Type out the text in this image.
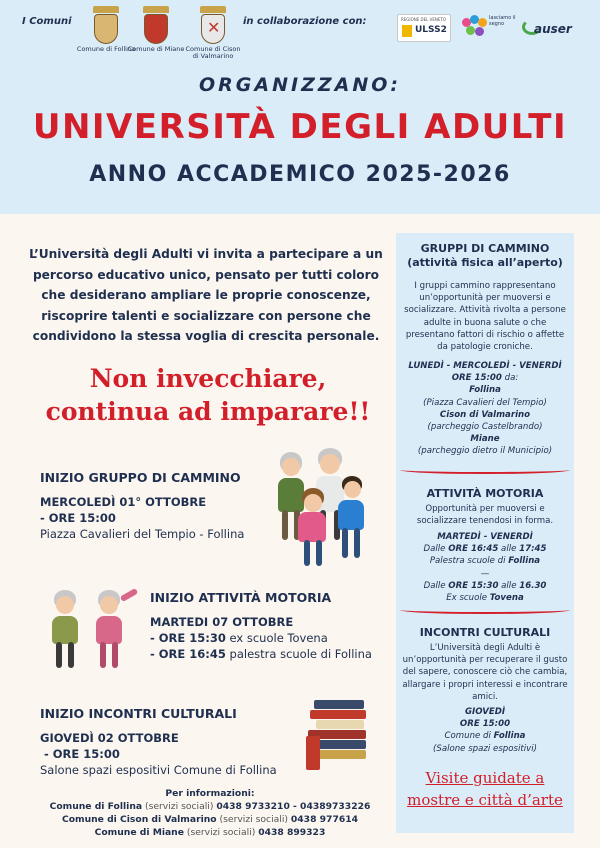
I Comuni
Comune di Follina
Comune di Miane
✕
Comune di Cison di Valmarino
in collaborazione con:	REGIONE DEL VENETO
ULSS2
lasciamo il segno	auser
ORGANIZZANO:
UNIVERSITÀ DEGLI ADULTI
ANNO ACCADEMICO 2025-2026
L’Università degli Adulti vi invita a partecipare a un percorso educativo unico, pensato per tutti coloro che desiderano ampliare le proprie conoscenze, riscoprire talenti e socializzare con persone che condividono la stessa voglia di crescita personale.
Non invecchiare,
continua ad imparare!!
INIZIO GRUPPO DI CAMMINO
MERCOLEDÌ 01° OTTOBRE
- ORE 15:00
Piazza Cavalieri del Tempio - Follina
INIZIO ATTIVITÀ MOTORIA
MARTEDI 07 OTTOBRE
- ORE 15:30 ex scuole Tovena
- ORE 16:45 palestra scuole di Follina
INIZIO INCONTRI CULTURALI
GIOVEDÌ 02 OTTOBRE
- ORE 15:00
Salone spazi espositivi Comune di Follina
GRUPPI DI CAMMINO
(attività fisica all’aperto)
I gruppi cammino rappresentano un’opportunità per muoversi e socializzare. Attività rivolta a persone adulte in buona salute o che presentano fattori di rischio o affette da patologie croniche.
LUNEDÌ - MERCOLEDÌ - VENERDÌ
ORE 15:00 da:
Follina
(Piazza Cavalieri del Tempio)
Cison di Valmarino
(parcheggio Castelbrando)
Miane
(parcheggio dietro il Municipio)
ATTIVITÀ MOTORIA
Opportunità per muoversi e socializzare tenendosi in forma.
MARTEDÌ - VENERDÌ
Dalle ORE 16:45 alle 17:45
Palestra scuole di Follina
—
Dalle ORE 15:30 alle 16.30
Ex scuole Tovena
INCONTRI CULTURALI
L’Università degli Adulti è un’opportunità per recuperare il gusto del sapere, conoscere ciò che cambia, allargare i propri interessi e incontrare amici.
GIOVEDÌ
ORE 15:00
Comune di Follina
(Salone spazi espositivi)
Visite guidate a
mostre e città d’arte
Per informazioni:
Comune di Follina (servizi sociali) 0438 9733210 - 04389733226
Comune di Cison di Valmarino (servizi sociali) 0438 977614
Comune di Miane (servizi sociali) 0438 899323
